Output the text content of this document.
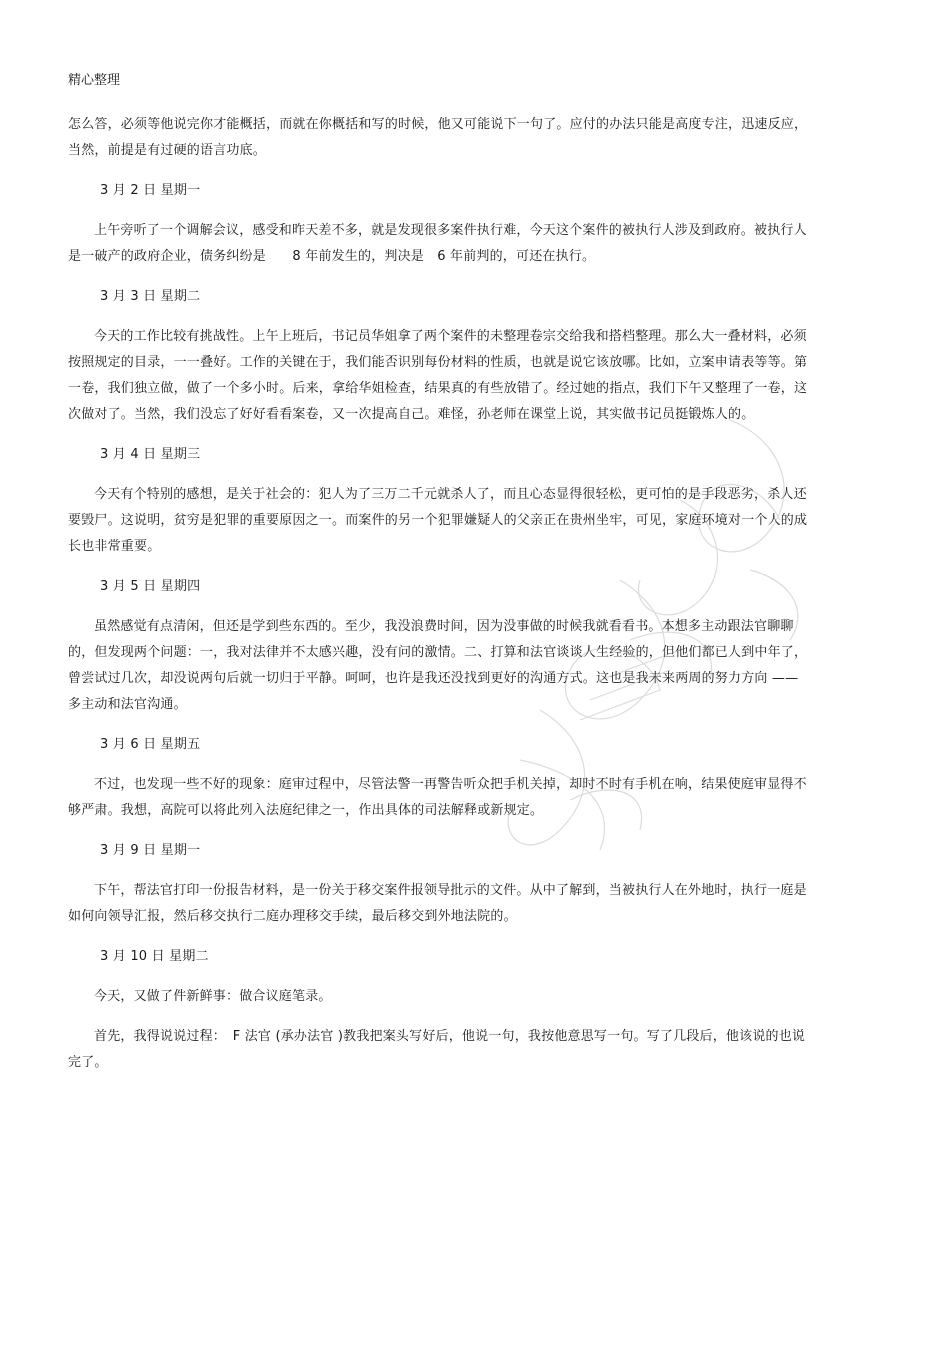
精心整理

怎么答，必须等他说完你才能概括，而就在你概括和写的时候，他又可能说下一句了。应付的办法只能是高度专注，迅速反应，当然，前提是有过硬的语言功底。

3 月 2 日 星期一

上午旁听了一个调解会议，感受和昨天差不多，就是发现很多案件执行难，今天这个案件的被执行人涉及到政府。被执行人是一破产的政府企业，债务纠纷是　　8 年前发生的，判决是　6 年前判的，可还在执行。

3 月 3 日 星期二

今天的工作比较有挑战性。上午上班后，书记员华姐拿了两个案件的未整理卷宗交给我和搭档整理。那么大一叠材料，必须按照规定的目录，一一叠好。工作的关键在于，我们能否识别每份材料的性质，也就是说它该放哪。比如，立案申请表等等。第一卷，我们独立做，做了一个多小时。后来，拿给华姐检查，结果真的有些放错了。经过她的指点，我们下午又整理了一卷，这次做对了。当然，我们没忘了好好看看案卷，又一次提高自己。难怪，孙老师在课堂上说，其实做书记员挺锻炼人的。

3 月 4 日 星期三

今天有个特别的感想，是关于社会的：犯人为了三万二千元就杀人了，而且心态显得很轻松，更可怕的是手段恶劣，杀人还要毁尸。这说明，贫穷是犯罪的重要原因之一。而案件的另一个犯罪嫌疑人的父亲正在贵州坐牢，可见，家庭环境对一个人的成长也非常重要。

3 月 5 日 星期四

虽然感觉有点清闲，但还是学到些东西的。至少，我没浪费时间，因为没事做的时候我就看看书。本想多主动跟法官聊聊的，但发现两个问题：一，我对法律并不太感兴趣，没有问的激情。二、打算和法官谈谈人生经验的，但他们都已人到中年了，曾尝试过几次，却没说两句后就一切归于平静。呵呵，也许是我还没找到更好的沟通方式。这也是我未来两周的努力方向 ——多主动和法官沟通。

3 月 6 日 星期五

不过，也发现一些不好的现象：庭审过程中，尽管法警一再警告听众把手机关掉，却时不时有手机在响，结果使庭审显得不够严肃。我想，高院可以将此列入法庭纪律之一，作出具体的司法解释或新规定。

3 月 9 日 星期一

下午，帮法官打印一份报告材料，是一份关于移交案件报领导批示的文件。从中了解到，当被执行人在外地时，执行一庭是如何向领导汇报，然后移交执行二庭办理移交手续，最后移交到外地法院的。

3 月 10 日 星期二

今天，又做了件新鲜事：做合议庭笔录。

首先，我得说说过程：　F 法官 (承办法官 )教我把案头写好后，他说一句，我按他意思写一句。写了几段后，他该说的也说完了。
